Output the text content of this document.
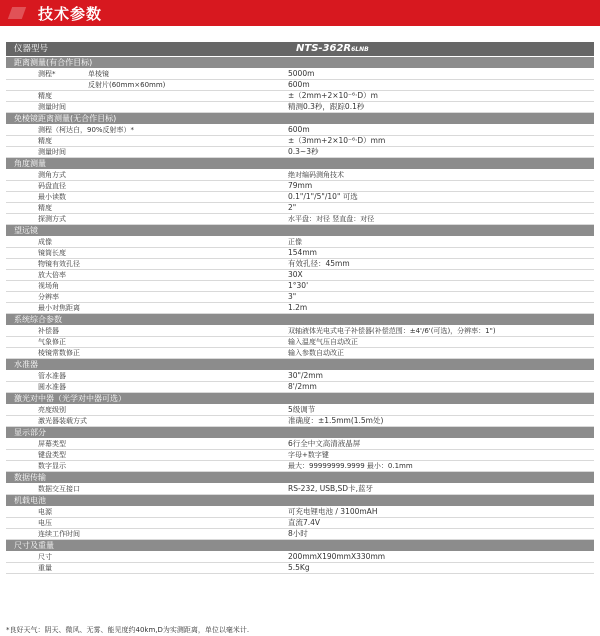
技术参数
仪器型号	NTS-362R6LNB
距离测量(有合作目标)
测程*	单棱镜	5000m
反射片(60mm×60mm)	600m
精度	±（2mm+2×10⁻⁶·D）m
测量时间	精测0.3秒，跟踪0.1秒
免棱镜距离测量(无合作目标)
测程（柯达白，90%反射率）*	600m
精度	±（3mm+2×10⁻⁶·D）mm
测量时间	0.3~3秒
角度测量
测角方式	绝对编码测角技术
码盘直径	79mm
最小读数	0.1"/1"/5"/10" 可选
精度	2"
探测方式	水平盘：对径 竖直盘：对径
望远镜
成像	正像
镜筒长度	154mm
物镜有效孔径	有效孔径：45mm
放大倍率	30X
视场角	1°30'
分辨率	3"
最小对焦距离	1.2m
系统综合参数
补偿器	双轴液体光电式电子补偿器(补偿范围：±4'/6'(可选)，分辨率：1")
气象修正	输入温度气压自动改正
棱镜常数修正	输入参数自动改正
水准器
管水准器	30"/2mm
圆水准器	8'/2mm
激光对中器（光学对中器可选）
亮度级别	5级调节
激光器装载方式	准确度：±1.5mm(1.5m处)
显示部分
屏幕类型	6行全中文高清液晶屏
键盘类型	字母+数字键
数字显示	最大：99999999.9999 最小：0.1mm
数据传输
数据交互接口	RS-232, USB,SD卡,蓝牙
机载电池
电源	可充电锂电池 / 3100mAH
电压	直流7.4V
连续工作时间	8小时
尺寸及重量
尺寸	200mmX190mmX330mm
重量	5.5Kg
*良好天气：阴天、微风、无雾、能见度约40km,D为实测距离，单位以毫米计.
